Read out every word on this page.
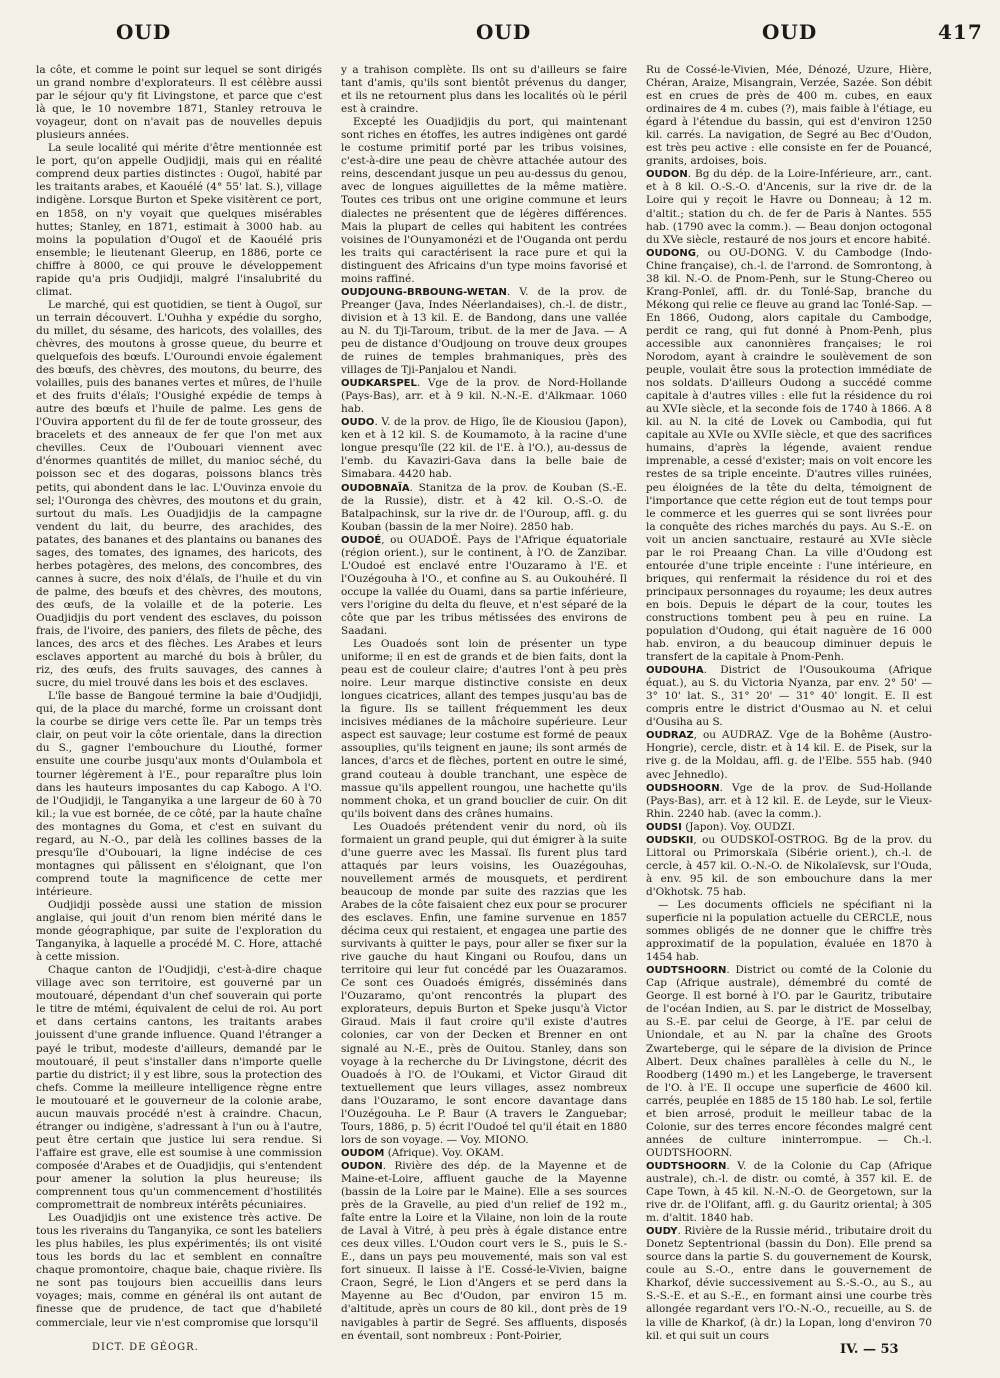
OUD	OUD	OUD	417

la côte, et comme le point sur lequel se sont dirigés un grand nombre d'explorateurs. Il est célèbre aussi par le séjour qu'y fit Livingstone, et parce que c'est là que, le 10 novembre 1871, Stanley retrouva le voyageur, dont on n'avait pas de nouvelles depuis plusieurs années.

La seule localité qui mérite d'être mentionnée est le port, qu'on appelle Oudjidji, mais qui en réalité comprend deux parties distinctes : Ougoï, habité par les traitants arabes, et Kaouélé (4° 55' lat. S.), village indigène. Lorsque Burton et Speke visitèrent ce port, en 1858, on n'y voyait que quelques misérables huttes; Stanley, en 1871, estimait à 3000 hab. au moins la population d'Ougoï et de Kaouélé pris ensemble; le lieutenant Gleerup, en 1886, porte ce chiffre à 8000, ce qui prouve le développement rapide qu'a pris Oudjidji, malgré l'insalubrité du climat.

Le marché, qui est quotidien, se tient à Ougoï, sur un terrain découvert. L'Ouhha y expédie du sorgho, du millet, du sésame, des haricots, des volailles, des chèvres, des moutons à grosse queue, du beurre et quelquefois des bœufs. L'Ouroundi envoie également des bœufs, des chèvres, des moutons, du beurre, des volailles, puis des bananes vertes et mûres, de l'huile et des fruits d'élaïs; l'Ousighé expédie de temps à autre des bœufs et l'huile de palme. Les gens de l'Ouvira apportent du fil de fer de toute grosseur, des bracelets et des anneaux de fer que l'on met aux chevilles. Ceux de l'Oubouari viennent avec d'énormes quantités de millet, du manioc séché, du poisson sec et des dogaras, poissons blancs très petits, qui abondent dans le lac. L'Ouvinza envoie du sel; l'Ouronga des chèvres, des moutons et du grain, surtout du maïs. Les Ouadjidjis de la campagne vendent du lait, du beurre, des arachides, des patates, des bananes et des plantains ou bananes des sages, des tomates, des ignames, des haricots, des herbes potagères, des melons, des concombres, des cannes à sucre, des noix d'élaïs, de l'huile et du vin de palme, des bœufs et des chèvres, des moutons, des œufs, de la volaille et de la poterie. Les Ouadjidjis du port vendent des esclaves, du poisson frais, de l'ivoire, des paniers, des filets de pêche, des lances, des arcs et des flèches. Les Arabes et leurs esclaves apportent au marché du bois à brûler, du riz, des œufs, des fruits sauvages, des cannes à sucre, du miel trouvé dans les bois et des esclaves.

L'île basse de Bangoué termine la baie d'Oudjidji, qui, de la place du marché, forme un croissant dont la courbe se dirige vers cette île. Par un temps très clair, on peut voir la côte orientale, dans la direction du S., gagner l'embouchure du Liouthé, former ensuite une courbe jusqu'aux monts d'Oulambola et tourner légèrement à l'E., pour reparaître plus loin dans les hauteurs imposantes du cap Kabogo. A l'O. de l'Oudjidji, le Tanganyika a une largeur de 60 à 70 kil.; la vue est bornée, de ce côté, par la haute chaîne des montagnes du Goma, et c'est en suivant du regard, au N.-O., par delà les collines basses de la presqu'île d'Oubouari, la ligne indécise de ces montagnes qui pâlissent en s'éloignant, que l'on comprend toute la magnificence de cette mer intérieure.

Oudjidji possède aussi une station de mission anglaise, qui jouit d'un renom bien mérité dans le monde géographique, par suite de l'exploration du Tanganyika, à laquelle a procédé M. C. Hore, attaché à cette mission.

Chaque canton de l'Oudjidji, c'est-à-dire chaque village avec son territoire, est gouverné par un moutouaré, dépendant d'un chef souverain qui porte le titre de mtémi, équivalent de celui de roi. Au port et dans certains cantons, les traitants arabes jouissent d'une grande influence. Quand l'étranger a payé le tribut, modeste d'ailleurs, demandé par le moutouaré, il peut s'installer dans n'importe quelle partie du district; il y est libre, sous la protection des chefs. Comme la meilleure intelligence règne entre le moutouaré et le gouverneur de la colonie arabe, aucun mauvais procédé n'est à craindre. Chacun, étranger ou indigène, s'adressant à l'un ou à l'autre, peut être certain que justice lui sera rendue. Si l'affaire est grave, elle est soumise à une commission composée d'Arabes et de Ouadjidjis, qui s'entendent pour amener la solution la plus heureuse; ils comprennent tous qu'un commencement d'hostilités compromettrait de nombreux intérêts pécuniaires.

Les Ouadjidjis ont une existence très active. De tous les riverains du Tanganyika, ce sont les bateliers les plus habiles, les plus expérimentés; ils ont visité tous les bords du lac et semblent en connaître chaque promontoire, chaque baie, chaque rivière. Ils ne sont pas toujours bien accueillis dans leurs voyages; mais, comme en général ils ont autant de finesse que de prudence, de tact que d'habileté commerciale, leur vie n'est compromise que lorsqu'il

y a trahison complète. Ils ont su d'ailleurs se faire tant d'amis, qu'ils sont bientôt prévenus du danger, et ils ne retournent plus dans les localités où le péril est à craindre.

Excepté les Ouadjidjis du port, qui maintenant sont riches en étoffes, les autres indigènes ont gardé le costume primitif porté par les tribus voisines, c'est-à-dire une peau de chèvre attachée autour des reins, descendant jusque un peu au-dessus du genou, avec de longues aiguillettes de la même matière. Toutes ces tribus ont une origine commune et leurs dialectes ne présentent que de légères différences. Mais la plupart de celles qui habitent les contrées voisines de l'Ounyamonézi et de l'Ouganda ont perdu les traits qui caractérisent la race pure et qui la distinguent des Africains d'un type moins favorisé et moins raffiné.

OUDJOUNG-BRBOUNG-WETAN. V. de la prov. de Preanger (Java, Indes Néerlandaises), ch.-l. de distr., division et à 13 kil. E. de Bandong, dans une vallée au N. du Tji-Taroum, tribut. de la mer de Java. — A peu de distance d'Oudjoung on trouve deux groupes de ruines de temples brahmaniques, près des villages de Tji-Panjalou et Nandi.

OUDKARSPEL. Vge de la prov. de Nord-Hollande (Pays-Bas), arr. et à 9 kil. N.-N.-E. d'Alkmaar. 1060 hab.

OUDO. V. de la prov. de Higo, île de Kiousiou (Japon), ken et à 12 kil. S. de Koumamoto, à la racine d'une longue presqu'île (22 kil. de l'E. à l'O.), au-dessus de l'emb. du Kavaziri-Gava dans la belle baie de Simabara. 4420 hab.

OUDOBNAÏA. Stanitza de la prov. de Kouban (S.-E. de la Russie), distr. et à 42 kil. O.-S.-O. de Batalpachinsk, sur la rive dr. de l'Ouroup, affl. g. du Kouban (bassin de la mer Noire). 2850 hab.

OUDOÉ, ou OUADOÉ. Pays de l'Afrique équatoriale (région orient.), sur le continent, à l'O. de Zanzibar. L'Oudoé est enclavé entre l'Ouzaramo à l'E. et l'Ouzégouha à l'O., et confine au S. au Oukouhéré. Il occupe la vallée du Ouami, dans sa partie inférieure, vers l'origine du delta du fleuve, et n'est séparé de la côte que par les tribus métissées des environs de Saadani.

Les Ouadoés sont loin de présenter un type uniforme; il en est de grands et de bien faits, dont la peau est de couleur claire; d'autres l'ont à peu près noire. Leur marque distinctive consiste en deux longues cicatrices, allant des tempes jusqu'au bas de la figure. Ils se taillent fréquemment les deux incisives médianes de la mâchoire supérieure. Leur aspect est sauvage; leur costume est formé de peaux assouplies, qu'ils teignent en jaune; ils sont armés de lances, d'arcs et de flèches, portent en outre le simé, grand couteau à double tranchant, une espèce de massue qu'ils appellent roungou, une hachette qu'ils nomment choka, et un grand bouclier de cuir. On dit qu'ils boivent dans des crânes humains.

Les Ouadoés prétendent venir du nord, où ils formaient un grand peuple, qui dut émigrer à la suite d'une guerre avec les Massaï. Ils furent plus tard attaqués par leurs voisins, les Ouazégouhas, nouvellement armés de mousquets, et perdirent beaucoup de monde par suite des razzias que les Arabes de la côte faisaient chez eux pour se procurer des esclaves. Enfin, une famine survenue en 1857 décima ceux qui restaient, et engagea une partie des survivants à quitter le pays, pour aller se fixer sur la rive gauche du haut Kingani ou Roufou, dans un territoire qui leur fut concédé par les Ouazaramos. Ce sont ces Ouadoés émigrés, disséminés dans l'Ouzaramo, qu'ont rencontrés la plupart des explorateurs, depuis Burton et Speke jusqu'à Victor Giraud. Mais il faut croire qu'il existe d'autres colonies, car von der Decken et Brenner en ont signalé au N.-E., près de Ouitou. Stanley, dans son voyage à la recherche du Dr Livingstone, décrit des Ouadoés à l'O. de l'Oukami, et Victor Giraud dit textuellement que leurs villages, assez nombreux dans l'Ouzaramo, le sont encore davantage dans l'Ouzégouha. Le P. Baur (A travers le Zanguebar; Tours, 1886, p. 5) écrit l'Oudoé tel qu'il était en 1880 lors de son voyage. — Voy. MIONO.

OUDOM (Afrique). Voy. OKAM.

OUDON. Rivière des dép. de la Mayenne et de Maine-et-Loire, affluent gauche de la Mayenne (bassin de la Loire par le Maine). Elle a ses sources près de la Gravelle, au pied d'un relief de 192 m., faîte entre la Loire et la Vilaine, non loin de la route de Laval à Vitré, à peu près à égale distance entre ces deux villes. L'Oudon court vers le S., puis le S.-E., dans un pays peu mouvementé, mais son val est fort sinueux. Il laisse à l'E. Cossé-le-Vivien, baigne Craon, Segré, le Lion d'Angers et se perd dans la Mayenne au Bec d'Oudon, par environ 15 m. d'altitude, après un cours de 80 kil., dont près de 19 navigables à partir de Segré. Ses affluents, disposés en éventail, sont nombreux : Pont-Poirier,

Ru de Cossé-le-Vivien, Mée, Dénozé, Uzure, Hière, Chéran, Araize, Misangrain, Verzée, Sazée. Son débit est en crues de près de 400 m. cubes, en eaux ordinaires de 4 m. cubes (?), mais faible à l'étiage, eu égard à l'étendue du bassin, qui est d'environ 1250 kil. carrés. La navigation, de Segré au Bec d'Oudon, est très peu active : elle consiste en fer de Pouancé, granits, ardoises, bois.

OUDON. Bg du dép. de la Loire-Inférieure, arr., cant. et à 8 kil. O.-S.-O. d'Ancenis, sur la rive dr. de la Loire qui y reçoit le Havre ou Donneau; à 12 m. d'altit.; station du ch. de fer de Paris à Nantes. 555 hab. (1790 avec la comm.). — Beau donjon octogonal du XVe siècle, restauré de nos jours et encore habité.

OUDONG, ou OU-DONG. V. du Cambodge (Indo-Chine française), ch.-l. de l'arrond. de Somrontong, à 38 kil. N.-O. de Pnom-Penh, sur le Stung-Chereo ou Krang-Ponleï, affl. dr. du Tonlé-Sap, branche du Mékong qui relie ce fleuve au grand lac Tonlé-Sap. — En 1866, Oudong, alors capitale du Cambodge, perdit ce rang, qui fut donné à Pnom-Penh, plus accessible aux canonnières françaises; le roi Norodom, ayant à craindre le soulèvement de son peuple, voulait être sous la protection immédiate de nos soldats. D'ailleurs Oudong a succédé comme capitale à d'autres villes : elle fut la résidence du roi au XVIe siècle, et la seconde fois de 1740 à 1866. A 8 kil. au N. la cité de Lovek ou Cambodia, qui fut capitale au XVIe ou XVIIe siècle, et que des sacrifices humains, d'après la légende, avaient rendue imprenable, a cessé d'exister; mais on voit encore les restes de sa triple enceinte. D'autres villes ruinées, peu éloignées de la tête du delta, témoignent de l'importance que cette région eut de tout temps pour le commerce et les guerres qui se sont livrées pour la conquête des riches marchés du pays. Au S.-E. on voit un ancien sanctuaire, restauré au XVIe siècle par le roi Preaang Chan. La ville d'Oudong est entourée d'une triple enceinte : l'une intérieure, en briques, qui renfermait la résidence du roi et des principaux personnages du royaume; les deux autres en bois. Depuis le départ de la cour, toutes les constructions tombent peu à peu en ruine. La population d'Oudong, qui était naguère de 16 000 hab. environ, a du beaucoup diminuer depuis le transfert de la capitale à Pnom-Penh.

OUDOUHA. District de l'Ousoukouma (Afrique équat.), au S. du Victoria Nyanza, par env. 2° 50' — 3° 10' lat. S., 31° 20' — 31° 40' longit. E. Il est compris entre le district d'Ousmao au N. et celui d'Ousiha au S.

OUDRAZ, ou AUDRAZ. Vge de la Bohême (Austro-Hongrie), cercle, distr. et à 14 kil. E. de Pisek, sur la rive g. de la Moldau, affl. g. de l'Elbe. 555 hab. (940 avec Jehnedlo).

OUDSHOORN. Vge de la prov. de Sud-Hollande (Pays-Bas), arr. et à 12 kil. E. de Leyde, sur le Vieux-Rhin. 2240 hab. (avec la comm.).

OUDSI (Japon). Voy. OUDZI.

OUDSKII, ou OUDSKOÏ-OSTROG. Bg de la prov. du Littoral ou Primorskaïa (Sibérie orient.), ch.-l. de cercle, à 457 kil. O.-N.-O. de Nikolaïevsk, sur l'Ouda, à env. 95 kil. de son embouchure dans la mer d'Okhotsk. 75 hab.

— Les documents officiels ne spécifiant ni la superficie ni la population actuelle du CERCLE, nous sommes obligés de ne donner que le chiffre très approximatif de la population, évaluée en 1870 à 1454 hab.

OUDTSHOORN. District ou comté de la Colonie du Cap (Afrique australe), démembré du comté de George. Il est borné à l'O. par le Gauritz, tributaire de l'océan Indien, au S. par le district de Mosselbay, au S.-E. par celui de George, à l'E. par celui de Uniondale, et au N. par la chaîne des Groots Zwarteberge, qui le sépare de la division de Prince Albert. Deux chaînes parallèles à celle du N., le Roodberg (1490 m.) et les Langeberge, le traversent de l'O. à l'E. Il occupe une superficie de 4600 kil. carrés, peuplée en 1885 de 15 180 hab. Le sol, fertile et bien arrosé, produit le meilleur tabac de la Colonie, sur des terres encore fécondes malgré cent années de culture ininterrompue. — Ch.-l. OUDTSHOORN.

OUDTSHOORN. V. de la Colonie du Cap (Afrique australe), ch.-l. de distr. ou comté, à 357 kil. E. de Cape Town, à 45 kil. N.-N.-O. de Georgetown, sur la rive dr. de l'Olifant, affl. g. du Gauritz oriental; à 305 m. d'altit. 1840 hab.

OUDY. Rivière de la Russie mérid., tributaire droit du Donetz Septentrional (bassin du Don). Elle prend sa source dans la partie S. du gouvernement de Koursk, coule au S.-O., entre dans le gouvernement de Kharkof, dévie successivement au S.-S.-O., au S., au S.-S.-E. et au S.-E., en formant ainsi une courbe très allongée regardant vers l'O.-N.-O., recueille, au S. de la ville de Kharkof, (à dr.) la Lopan, long d'environ 70 kil. et qui suit un cours

DICT. DE GÉOGR.	IV. — 53
